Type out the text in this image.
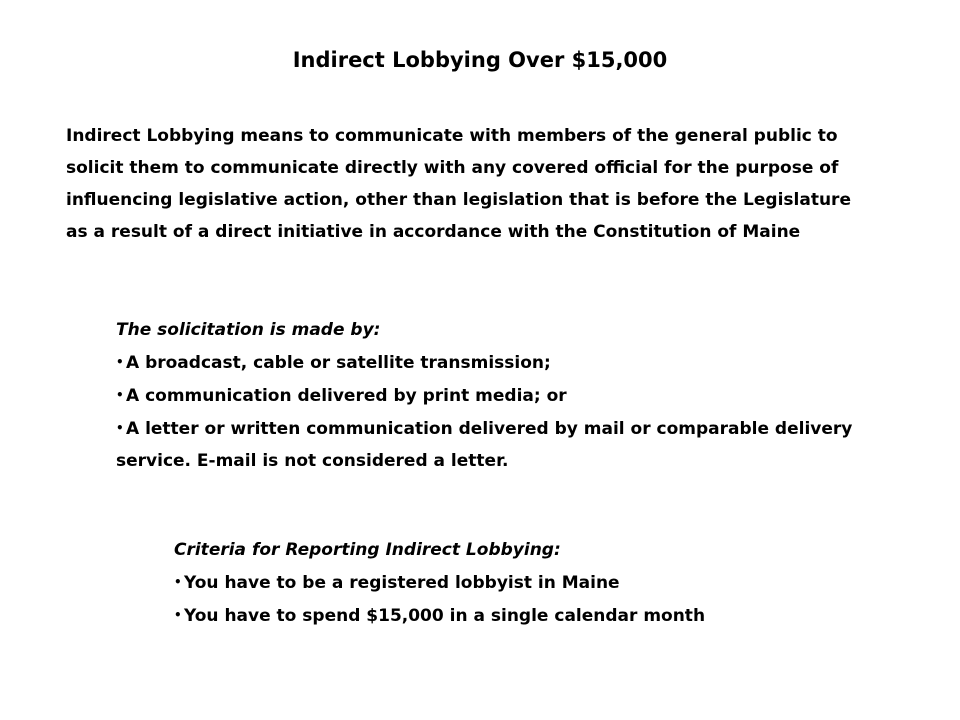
Indirect Lobbying Over $15,000

Indirect Lobbying means to communicate with members of the general public to solicit them to communicate directly with any covered official for the purpose of influencing legislative action, other than legislation that is before the Legislature as a result of a direct initiative in accordance with the Constitution of Maine

The solicitation is made by:

• A broadcast, cable or satellite transmission;
• A communication delivered by print media; or
• A letter or written communication delivered by mail or comparable delivery service. E-mail is not considered a letter.

Criteria for Reporting Indirect Lobbying:

• You have to be a registered lobbyist in Maine
• You have to spend $15,000 in a single calendar month
